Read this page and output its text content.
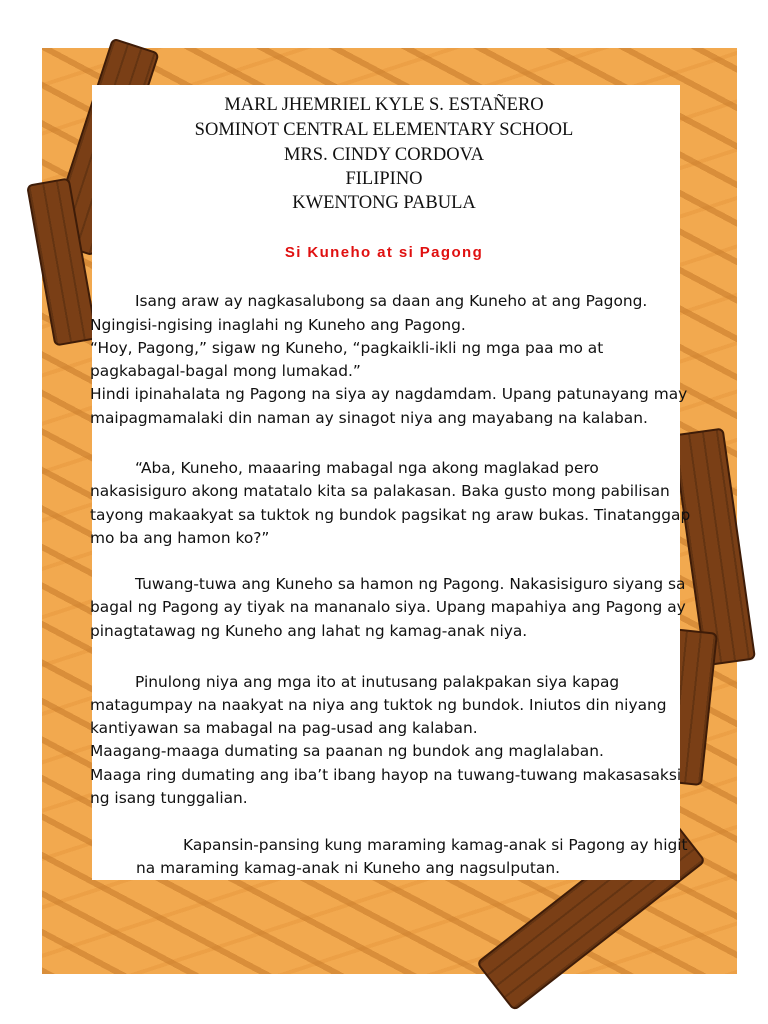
MARL JHEMRIEL KYLE S. ESTAÑERO
SOMINOT CENTRAL ELEMENTARY SCHOOL
MRS. CINDY CORDOVA
FILIPINO
KWENTONG PABULA
Si Kuneho at si Pagong
Isang araw ay nagkasalubong sa daan ang Kuneho at ang Pagong.
Ngingisi-ngising inaglahi ng Kuneho ang Pagong.
“Hoy, Pagong,” sigaw ng Kuneho, “pagkaikli-ikli ng mga paa mo at
pagkabagal-bagal mong lumakad.”
Hindi ipinahalata ng Pagong na siya ay nagdamdam. Upang patunayang may
maipagmamalaki din naman ay sinagot niya ang mayabang na kalaban.
“Aba, Kuneho, maaaring mabagal nga akong maglakad pero
nakasisiguro akong matatalo kita sa palakasan. Baka gusto mong pabilisan
tayong makaakyat sa tuktok ng bundok pagsikat ng araw bukas. Tinatanggap
mo ba ang hamon ko?”
Tuwang-tuwa ang Kuneho sa hamon ng Pagong. Nakasisiguro siyang sa
bagal ng Pagong ay tiyak na mananalo siya. Upang mapahiya ang Pagong ay
pinagtatawag ng Kuneho ang lahat ng kamag-anak niya.
Pinulong niya ang mga ito at inutusang palakpakan siya kapag
matagumpay na naakyat na niya ang tuktok ng bundok. Iniutos din niyang
kantiyawan sa mabagal na pag-usad ang kalaban.
Maagang-maaga dumating sa paanan ng bundok ang maglalaban.
Maaga ring dumating ang iba’t ibang hayop na tuwang-tuwang makasasaksi
ng isang tunggalian.
Kapansin-pansing kung maraming kamag-anak si Pagong ay higit
na maraming kamag-anak ni Kuneho ang nagsulputan.
